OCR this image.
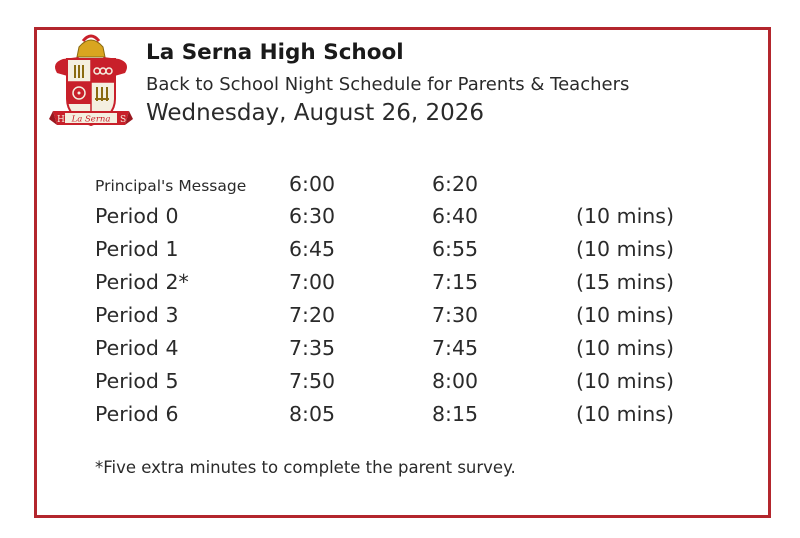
H	S
La Serna
La Serna High School
Back to School Night Schedule for Parents & Teachers
Wednesday, August 26, 2026
Principal's Message 6:00	6:20
Period 0	6:30	6:40	(10 mins)
Period 1	6:45	6:55	(10 mins)
Period 2*	7:00	7:15	(15 mins)
Period 3	7:20	7:30	(10 mins)
Period 4	7:35	7:45	(10 mins)
Period 5	7:50	8:00	(10 mins)
Period 6	8:05	8:15	(10 mins)
*Five extra minutes to complete the parent survey.
